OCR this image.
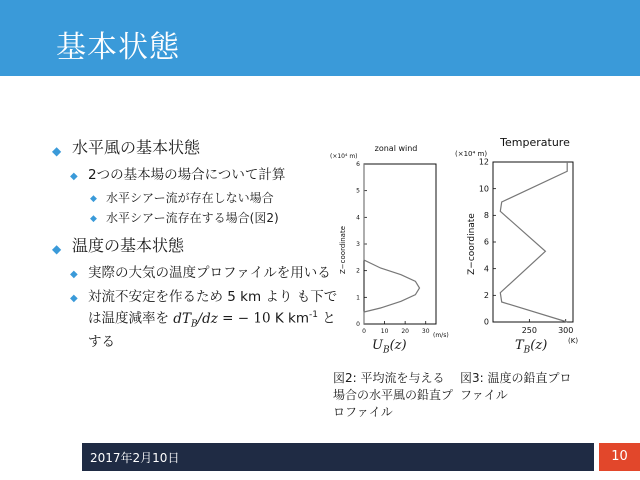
基本状態
◆ 水平風の基本状態
◆ 2つの基本場の場合について計算
◆ 水平シアー流が存在しない場合
◆ 水平シアー流存在する場合(図2)
◆ 温度の基本状態
◆ 実際の大気の温度プロファイルを用いる
◆ 対流不安定を作るため 5 km より も下では温度減率を $dT_B/dz$ = − 10 K $km^{-1}$ とする
zonal wind
(×10⁴ m)
Z−coordinate
(m/s)
0
1
2
3
4
5
6
0 10 20 30
$U_B(z)$
図2: 平均流を与える場合の水平風の鉛直プロファイル
Temperature
(×10⁴ m)
Z−coordinate
(K)
0
2
4
6
8
10
12
250	300
$T_B(z)$
図3: 温度の鉛直プロファイル
2017年2月10日	10
